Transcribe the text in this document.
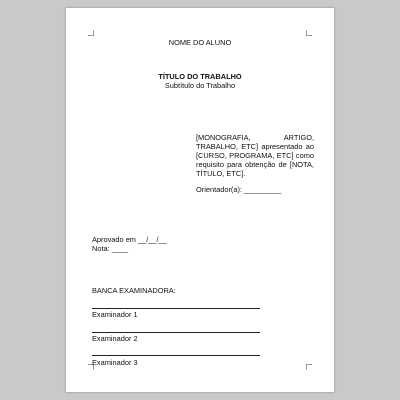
NOME DO ALUNO
TÍTULO DO TRABALHO
Subtítulo do Trabalho
[MONOGRAFIA, ARTIGO, TRABALHO, ETC] apresentado ao [CURSO, PROGRAMA, ETC] como requisito para obtenção de [NOTA, TÍTULO, ETC].
Orientador(a): _________
Aprovado em __/__/__
Nota: ____
BANCA EXAMINADORA:
Examinador 1
Examinador 2
Examinador 3
